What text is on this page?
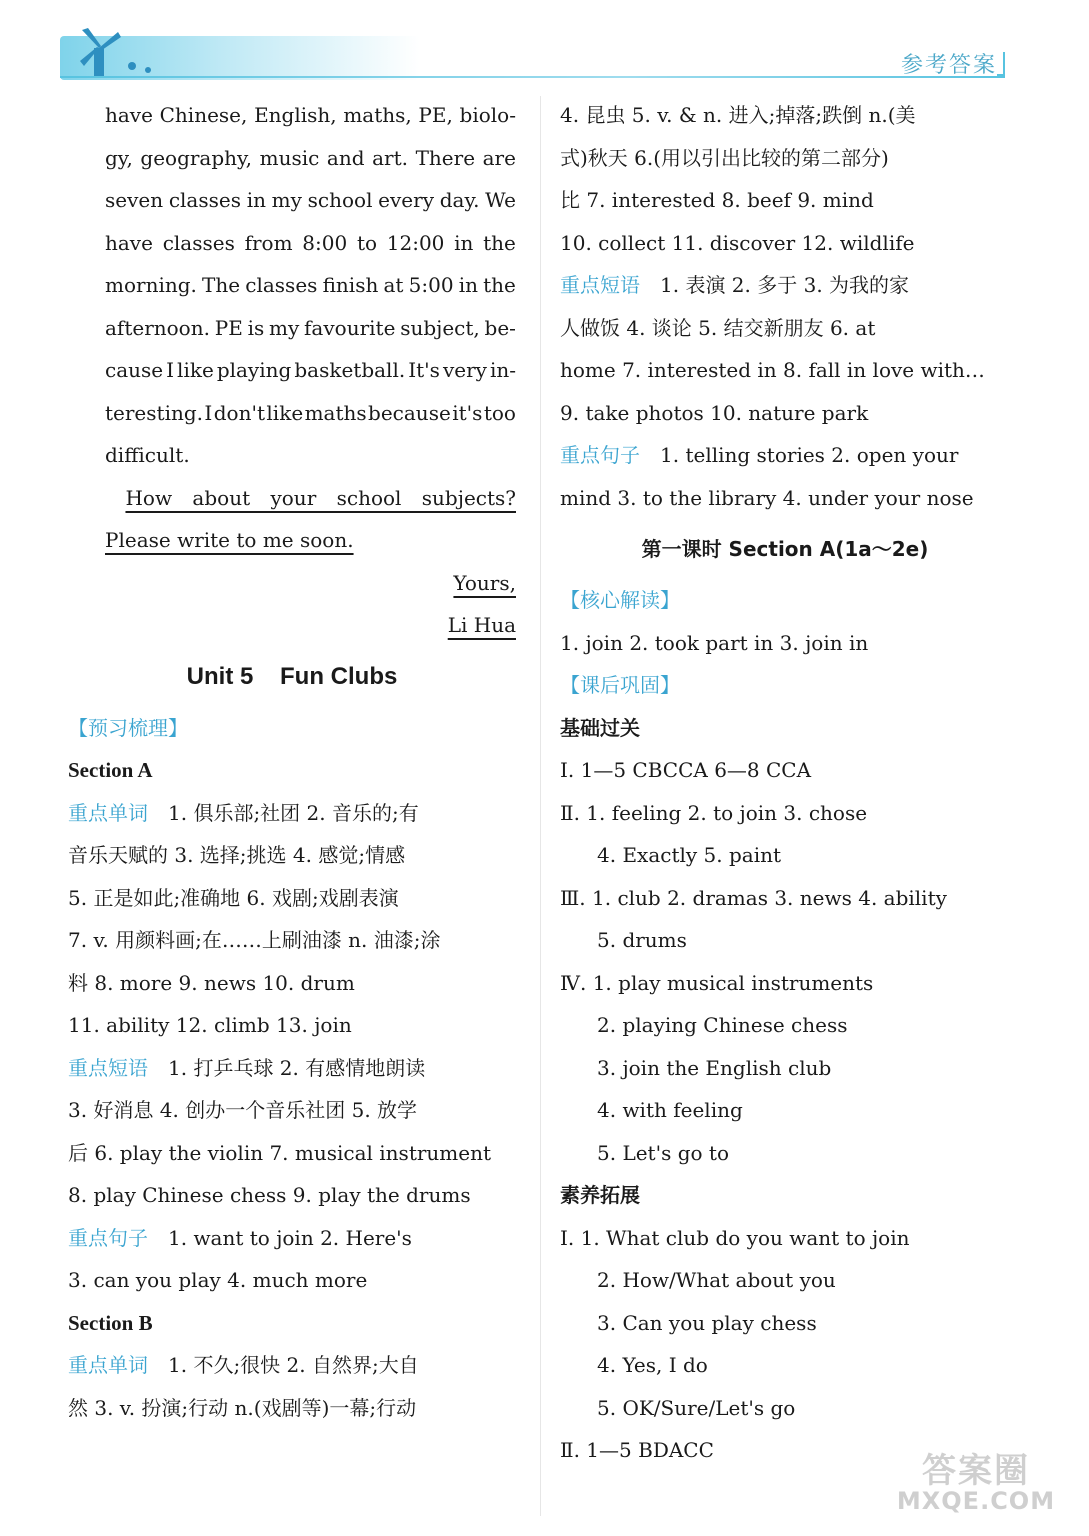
参考答案
have Chinese, English, maths, PE, biolo-
gy, geography, music and art. There are
seven classes in my school every day. We
have classes from 8:00 to 12:00 in the
morning. The classes finish at 5:00 in the
afternoon. PE is my favourite subject, be-
cause I like playing basketball. It's very in-
teresting. I don't like maths because it's too
difficult.
How about your school subjects?
Please write to me soon.
Yours,
Li Hua
Unit 5    Fun Clubs
【预习梳理】
Section A
重点单词 1. 俱乐部;社团 2. 音乐的;有
音乐天赋的 3. 选择;挑选 4. 感觉;情感
5. 正是如此;准确地 6. 戏剧;戏剧表演
7. v. 用颜料画;在……上刷油漆 n. 油漆;涂
料 8. more 9. news 10. drum
11. ability 12. climb 13. join
重点短语 1. 打乒乓球 2. 有感情地朗读
3. 好消息 4. 创办一个音乐社团 5. 放学
后 6. play the violin 7. musical instrument
8. play Chinese chess 9. play the drums
重点句子 1. want to join 2. Here's
3. can you play 4. much more
Section B
重点单词 1. 不久;很快 2. 自然界;大自
然 3. v. 扮演;行动 n.(戏剧等)一幕;行动
4. 昆虫 5. v. & n. 进入;掉落;跌倒 n.(美
式)秋天 6.(用以引出比较的第二部分)
比 7. interested 8. beef 9. mind
10. collect 11. discover 12. wildlife
重点短语 1. 表演 2. 多于 3. 为我的家
人做饭 4. 谈论 5. 结交新朋友 6. at
home 7. interested in 8. fall in love with…
9. take photos 10. nature park
重点句子 1. telling stories 2. open your
mind 3. to the library 4. under your nose
第一课时 Section A(1a～2e)
【核心解读】
1. join 2. took part in 3. join in
【课后巩固】
基础过关
Ⅰ. 1—5 CBCCA 6—8 CCA
Ⅱ. 1. feeling 2. to join 3. chose
4. Exactly 5. paint
Ⅲ. 1. club 2. dramas 3. news 4. ability
5. drums
Ⅳ. 1. play musical instruments
2. playing Chinese chess
3. join the English club
4. with feeling
5. Let's go to
素养拓展
Ⅰ. 1. What club do you want to join
2. How/What about you
3. Can you play chess
4. Yes, I do
5. OK/Sure/Let's go
Ⅱ. 1—5 BDACC
答案圈
MXQE.COM
